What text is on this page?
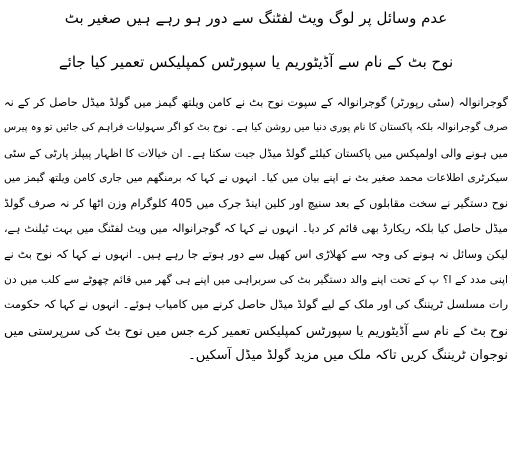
عدم وسائل پر لوگ ویٹ لفٹنگ سے دور ہو رہے ہیں صغیر بٹ
نوح بٹ کے نام سے آڈیٹوریم یا سپورٹس کمپلیکس تعمیر کیا جائے
گوجرانوالہ (سٹی رپورٹر) گوجرانوالہ کے سپوت نوح بٹ نے کامن ویلتھ گیمز میں گولڈ میڈل حاصل کر کے نہ
صرف گوجرانوالہ بلکہ پاکستان کا نام پوری دنیا میں روشن کیا ہے۔ نوح بٹ کو اگر سہولیات فراہم کی جائیں تو وہ پیرس
میں ہونے والی اولمپکس میں پاکستان کیلئے گولڈ میڈل جیت سکتا ہے۔ ان خیالات کا اظہار پیپلز پارٹی کے سٹی
سیکرٹری اطلاعات محمد صغیر بٹ نے اپنے بیان میں کیا۔ انہوں نے کہا کہ برمنگھم میں جاری کامن ویلتھ گیمز میں
نوح دستگیر نے سخت مقابلوں کے بعد سنیچ اور کلین اینڈ جرک میں 405 کلوگرام وزن اٹھا کر نہ صرف گولڈ
میڈل حاصل کیا بلکہ ریکارڈ بھی قائم کر دیا۔ انہوں نے کہا کہ گوجرانوالہ میں ویٹ لفٹنگ میں بہت ٹیلنٹ ہے،
لیکن وسائل نہ ہونے کی وجہ سے کھلاڑی اس کھیل سے دور ہوتے جا رہے ہیں۔ انہوں نے کہا کہ نوح بٹ نے
اپنی مدد کے ا؟ پ کے تحت اپنے والد دستگیر بٹ کی سربراہی میں اپنے ہی گھر میں قائم چھوٹے سے کلب میں دن
رات مسلسل ٹریننگ کی اور ملک کے لیے گولڈ میڈل حاصل کرنے میں کامیاب ہوئے۔ انہوں نے کہا کہ حکومت
نوح بٹ کے نام سے آڈیٹوریم یا سپورٹس کمپلیکس تعمیر کرے جس میں نوح بٹ کی سرپرستی میں
نوجوان ٹریننگ کریں تاکہ ملک میں مزید گولڈ میڈل آسکیں۔
